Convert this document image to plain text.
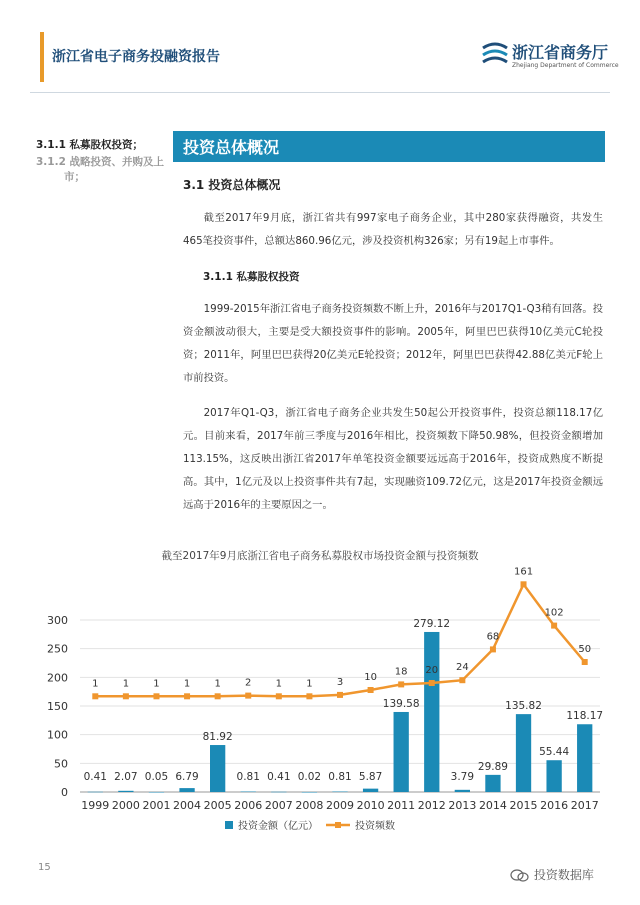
浙江省电子商务投融资报告	浙江省商务厅
Zhejiang Department of Commerce
3.1.1 私募股权投资；
3.1.2 战略投资、并购及上
市；
投资总体概况
3.1 投资总体概况

截至2017年9月底，浙江省共有997家电子商务企业，其中280家获得融资，共发生465笔投资事件，总额达860.96亿元，涉及投资机构326家；另有19起上市事件。

3.1.1 私募股权投资

1999-2015年浙江省电子商务投资频数不断上升，2016年与2017Q1-Q3稍有回落。投资金额波动很大，主要是受大额投资事件的影响。2005年，阿里巴巴获得10亿美元C轮投资；2011年，阿里巴巴获得20亿美元E轮投资；2012年，阿里巴巴获得42.88亿美元F轮上市前投资。

2017年Q1-Q3，浙江省电子商务企业共发生50起公开投资事件，投资总额118.17亿元。目前来看，2017年前三季度与2016年相比，投资频数下降50.98%，但投资金额增加113.15%，这反映出浙江省2017年单笔投资金额要远远高于2016年，投资成熟度不断提高。其中，1亿元及以上投资事件共有7起，实现融资109.72亿元，这是2017年投资金额远远高于2016年的主要原因之一。

截至2017年9月底浙江省电子商务私募股权市场投资金额与投资频数
0
50
100
150
200
250
300
0.41 2.07 0.05 6.79
81.92
0.81 0.41 0.02 0.81 5.87
139.58
279.12
3.79
29.89
135.82
55.44
118.17
1999 2000 2001 2004 2005 2006 2007 2008 2009 2010 2011 2012 2013 2014 2015 2016 2017
1 1 1 1 1 2 1 1 3 10
18 20 24
68
161
102
50
投资金额（亿元）	投资频数
15
投资数据库
